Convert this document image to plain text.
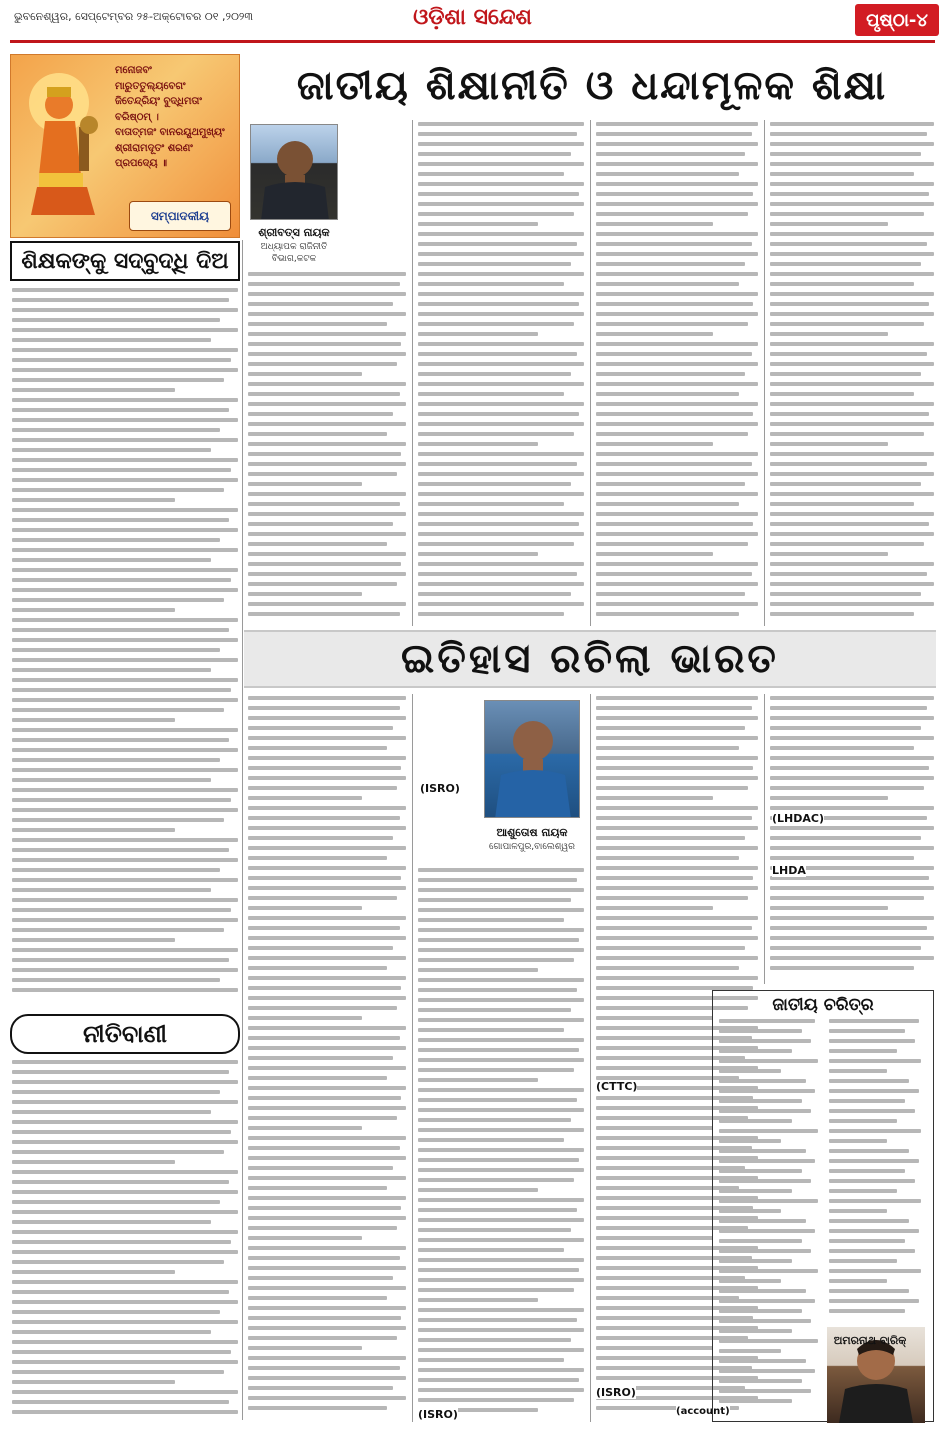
ଭୁବନେଶ୍ୱର, ସେପ୍ଟେମ୍ବର ୨୫-ଅକ୍ଟୋବର ୦୧ ,୨୦୨୩	ଓଡ଼ିଶା ସନ୍ଦେଶ	ପୃଷ୍ଠା-୪
ମନୋଜବଂ
ମାରୁତତୁଲ୍ୟବେଗଂ
ଜିତେନ୍ଦ୍ରିୟଂ ବୁଦ୍ଧିମତାଂ
ବରିଷ୍ଠମ୍ ।
ବାତାତ୍ମଜଂ ବାନରୟୂଥମୁଖ୍ୟଂ
ଶ୍ରୀରାମଦୂତଂ ଶରଣଂ
ପ୍ରପଦ୍ୟେ ॥
ସମ୍ପାଦକୀୟ
ଜାତୀୟ ଶିକ୍ଷାନୀତି ଓ ଧନ୍ଦାମୂଳକ ଶିକ୍ଷା
ଶିକ୍ଷକଙ୍କୁ ସଦ୍‌ବୁଦ୍ଧି ଦିଅ
ଶ୍ରୀବତ୍ସ ନାୟକ
ଅଧ୍ୟାପକ ରାଜିନୀତି ବିଭାଗ,କଟକ
ଇତିହାସ ରଚିଲା ଭାରତ
ଆଶୁତୋଷ ନାୟକ
ଗୋପାଳପୁର,ବାଲେଶ୍ୱର
(ISRO)
(LHDAC)
LHDA
(CTTC)
(ISRO)
(ISRO)
(account)
ନୀତିବାଣୀ
ଜାତୀୟ ଚରିତ୍ର
ଅମରନାଥ ବାରିକ୍
